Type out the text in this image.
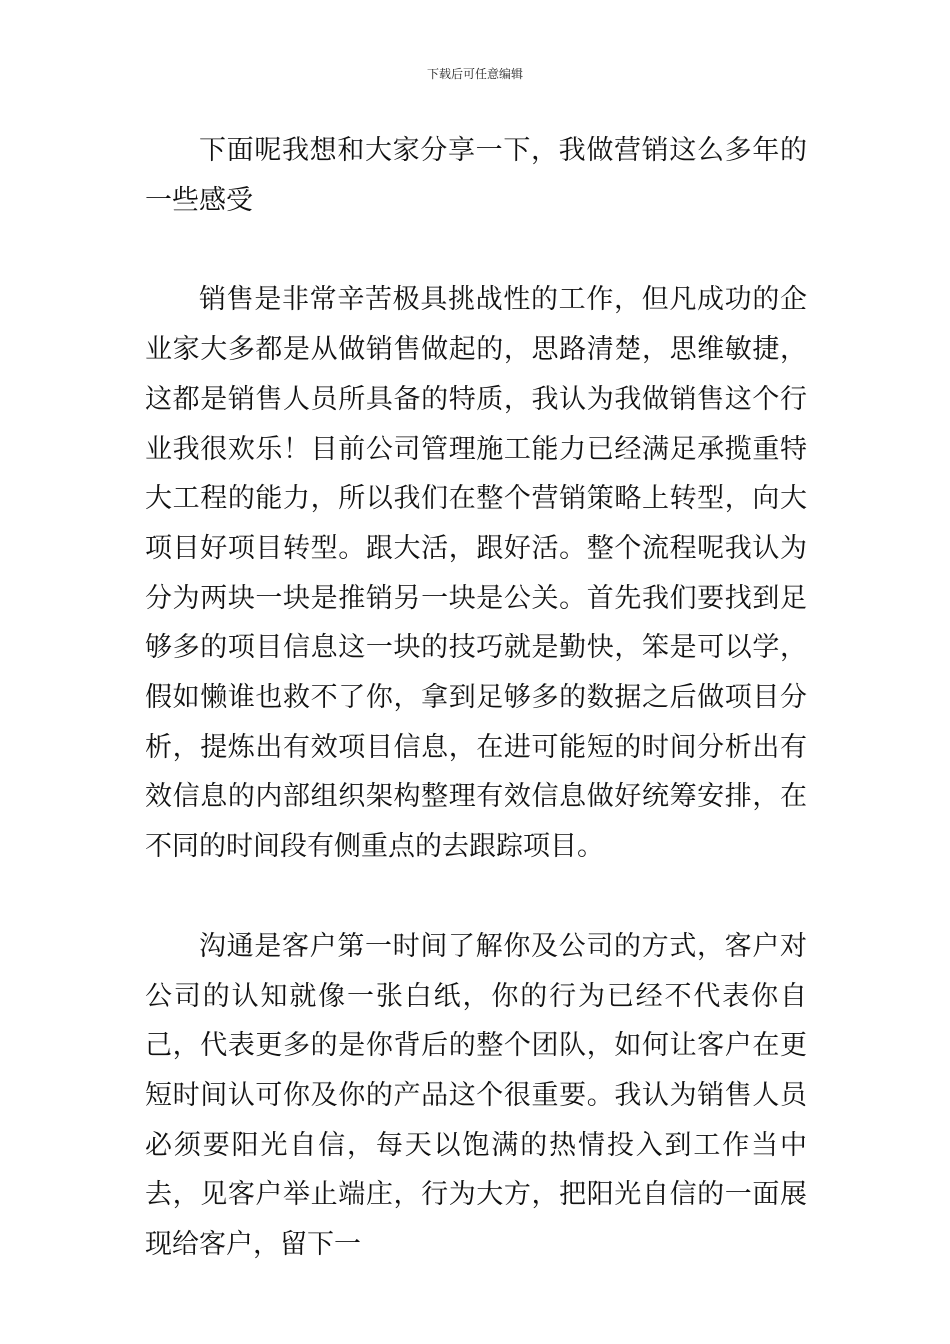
下载后可任意编辑

下面呢我想和大家分享一下，我做营销这么多年的一些感受

销售是非常辛苦极具挑战性的工作，但凡成功的企业家大多都是从做销售做起的，思路清楚，思维敏捷，这都是销售人员所具备的特质，我认为我做销售这个行业我很欢乐！目前公司管理施工能力已经满足承揽重特大工程的能力，所以我们在整个营销策略上转型，向大项目好项目转型。跟大活，跟好活。整个流程呢我认为分为两块一块是推销另一块是公关。首先我们要找到足够多的项目信息这一块的技巧就是勤快，笨是可以学，假如懒谁也救不了你，拿到足够多的数据之后做项目分析，提炼出有效项目信息，在进可能短的时间分析出有效信息的内部组织架构整理有效信息做好统筹安排，在不同的时间段有侧重点的去跟踪项目。

沟通是客户第一时间了解你及公司的方式，客户对公司的认知就像一张白纸，你的行为已经不代表你自己，代表更多的是你背后的整个团队，如何让客户在更短时间认可你及你的产品这个很重要。我认为销售人员必须要阳光自信，每天以饱满的热情投入到工作当中去，见客户举止端庄，行为大方，把阳光自信的一面展现给客户，留下一
